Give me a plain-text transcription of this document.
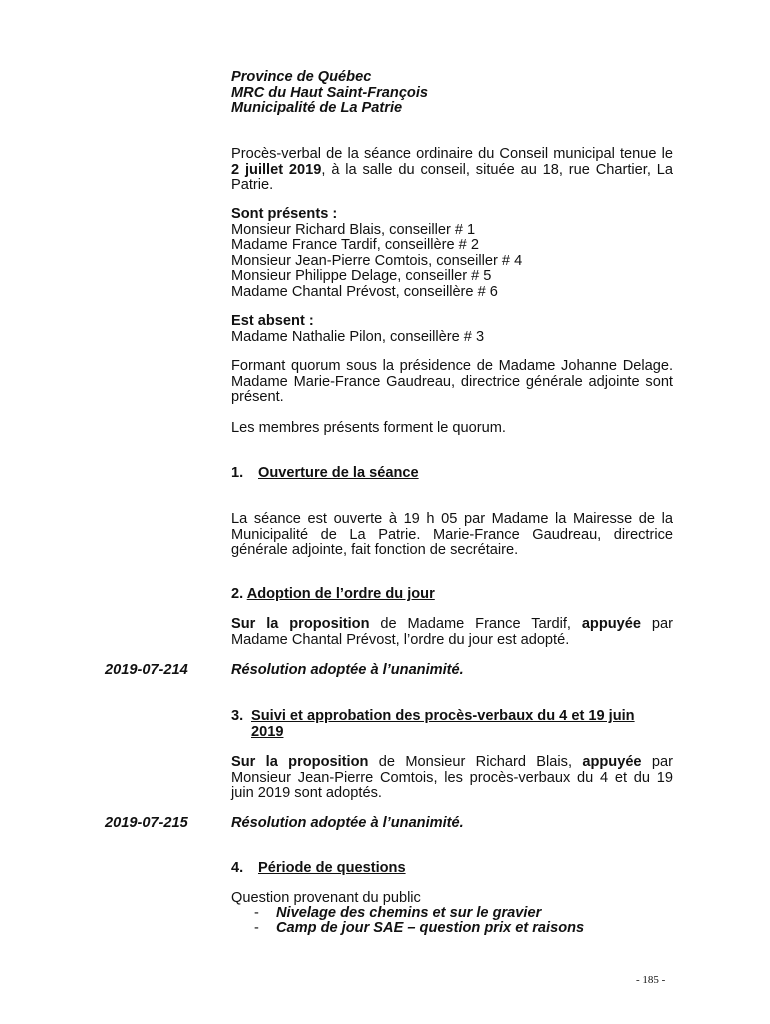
Province de Québec
MRC du Haut Saint-François
Municipalité de La Patrie
Procès-verbal de la séance ordinaire du Conseil municipal tenue le 2 juillet 2019, à la salle du conseil, située au 18, rue Chartier, La Patrie.
Sont présents :
Monsieur Richard Blais, conseiller # 1
Madame France Tardif, conseillère # 2
Monsieur Jean-Pierre Comtois, conseiller # 4
Monsieur Philippe Delage, conseiller # 5
Madame Chantal Prévost, conseillère # 6
Est absent :
Madame Nathalie Pilon, conseillère # 3
Formant quorum sous la présidence de Madame Johanne Delage. Madame Marie-France Gaudreau, directrice générale adjointe sont présent.
Les membres présents forment le quorum.
1. Ouverture de la séance
La séance est ouverte à 19 h 05 par Madame la Mairesse de la Municipalité de La Patrie. Marie-France Gaudreau, directrice générale adjointe, fait fonction de secrétaire.
2. Adoption de l’ordre du jour
Sur la proposition de Madame France Tardif, appuyée par Madame Chantal Prévost, l’ordre du jour est adopté.
2019-07-214	Résolution adoptée à l’unanimité.
3. Suivi et approbation des procès-verbaux du 4 et 19 juin 2019
Sur la proposition de Monsieur Richard Blais, appuyée par Monsieur Jean-Pierre Comtois, les procès-verbaux du 4 et du 19 juin 2019 sont adoptés.
2019-07-215	Résolution adoptée à l’unanimité.
4. Période de questions
Question provenant du public
- Nivelage des chemins et sur le gravier
- Camp de jour SAE – question prix et raisons
- 185 -
